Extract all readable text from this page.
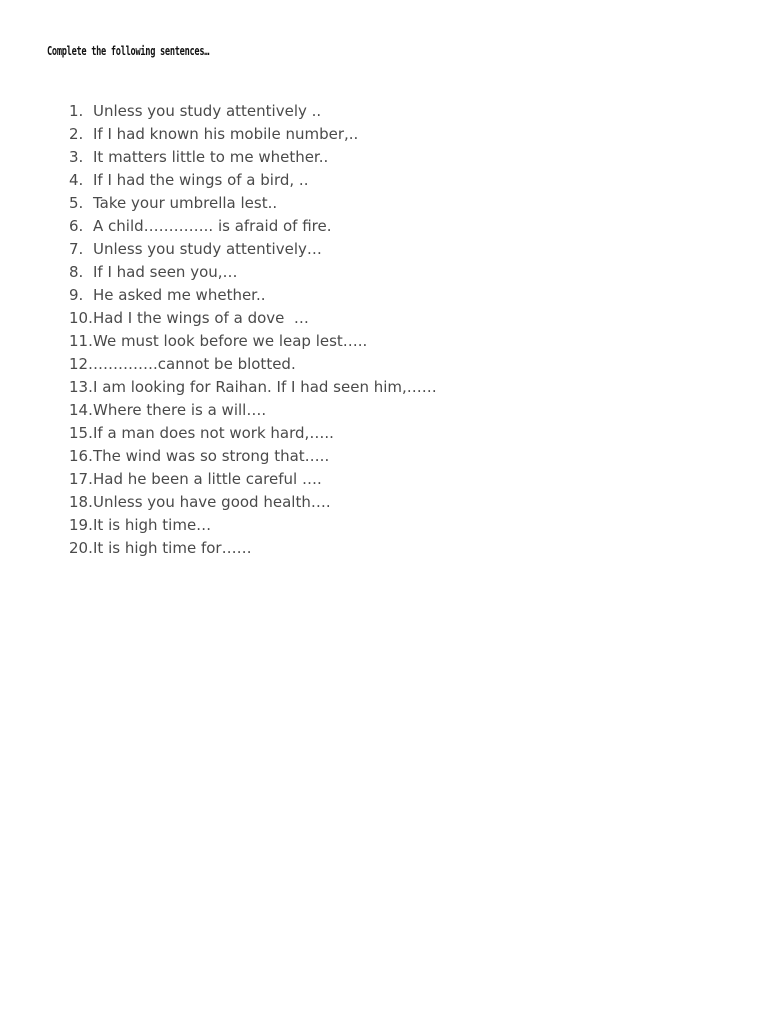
Complete the following sentences…
1. Unless you study attentively ..
2. If I had known his mobile number,..
3. It matters little to me whether..
4. If I had the wings of a bird, ..
5. Take your umbrella lest..
6. A child………….. is afraid of fire.
7. Unless you study attentively…
8. If I had seen you,…
9. He asked me whether..
10. Had I the wings of a dove  …
11. We must look before we leap lest…..
12. ………….cannot be blotted.
13. I am looking for Raihan. If I had seen him,……
14. Where there is a will….
15. If a man does not work hard,…..
16. The wind was so strong that…..
17. Had he been a little careful ….
18. Unless you have good health….
19. It is high time…
20. It is high time for……
